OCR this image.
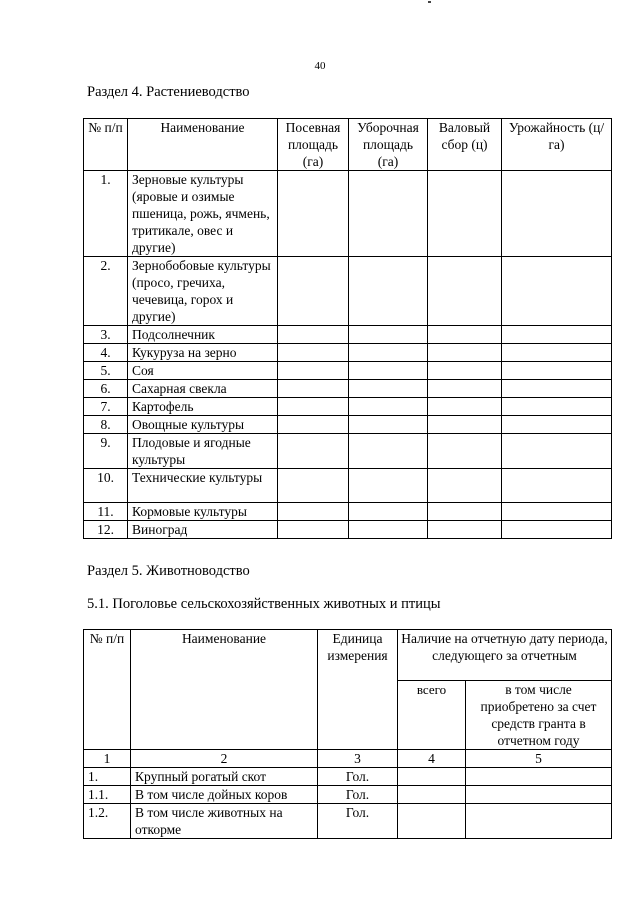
40
Раздел 4. Растениеводство
№ п/п	Наименование	Посевная площадь (га)	Уборочная площадь (га)	Валовый сбор (ц)	Урожайность (ц/га)
1.	Зерновые культуры (яровые и озимые пшеница, рожь, ячмень, тритикале, овес и другие)				
2.	Зернобобовые культуры (просо, гречиха, чечевица, горох и другие)				
3.	Подсолнечник				
4.	Кукуруза на зерно				
5.	Соя				
6.	Сахарная свекла				
7.	Картофель				
8.	Овощные культуры				
9.	Плодовые и ягодные культуры				
10.	Технические культуры				
11.	Кормовые культуры				
12.	Виноград				
Раздел 5. Животноводство
5.1. Поголовье сельскохозяйственных животных и птицы
№ п/п	Наименование	Единица измерения	Наличие на отчетную дату периода, следующего за отчетным	
			всего	в том числе приобретено за счет средств гранта в отчетном году
1	2	3	4	5
1.	Крупный рогатый скот	Гол.		
1.1.	В том числе дойных коров	Гол.		
1.2.	В том числе животных на откорме	Гол.		
